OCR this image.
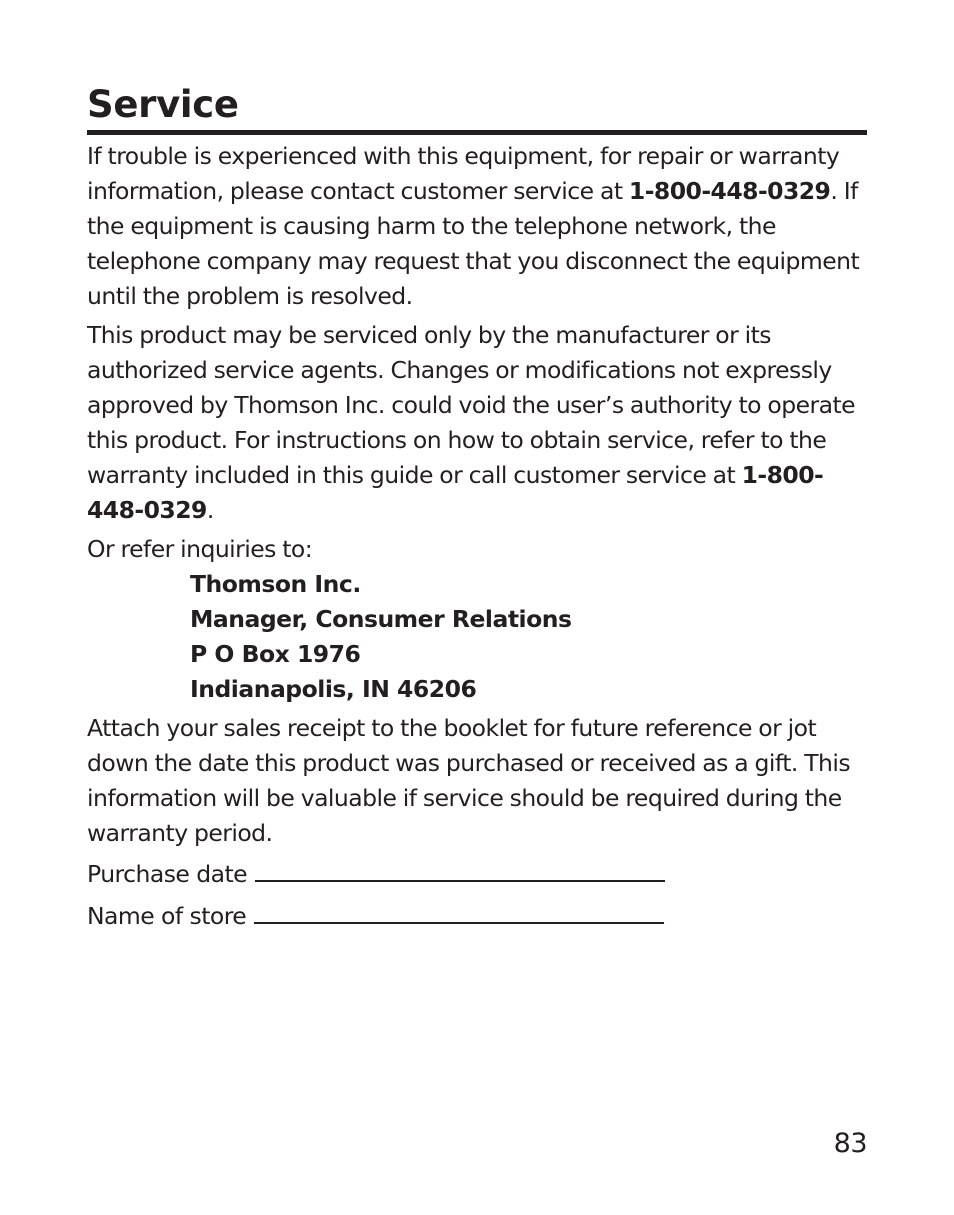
Service

If trouble is experienced with this equipment, for repair or warranty information, please contact customer service at 1-800-448-0329. If the equipment is causing harm to the telephone network, the telephone company may request that you disconnect the equipment until the problem is resolved.

This product may be serviced only by the manufacturer or its authorized service agents. Changes or modifications not expressly approved by Thomson Inc. could void the user’s authority to operate this product. For instructions on how to obtain service, refer to the warranty included in this guide or call customer service at 1-800-448-0329.

Or refer inquiries to:

Thomson Inc.
Manager, Consumer Relations
P O Box 1976
Indianapolis, IN 46206

Attach your sales receipt to the booklet for future reference or jot down the date this product was purchased or received as a gift. This information will be valuable if service should be required during the warranty period.

Purchase date
Name of store
83
